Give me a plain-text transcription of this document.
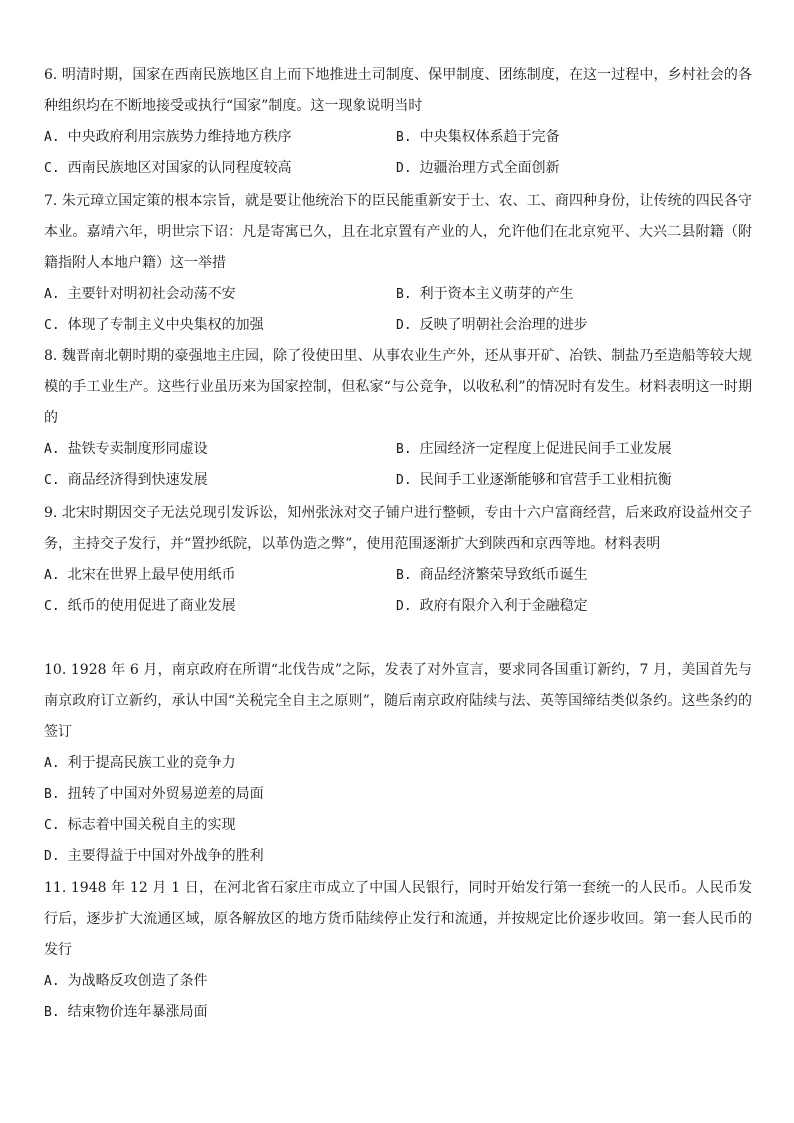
6. 明清时期，国家在西南民族地区自上而下地推进土司制度、保甲制度、团练制度，在这一过程中，乡村社会的各种组织均在不断地接受或执行“国家”制度。这一现象说明当时

A. 中央政府利用宗族势力维持地方秩序	B. 中央集权体系趋于完备
C. 西南民族地区对国家的认同程度较高	D. 边疆治理方式全面创新

7. 朱元璋立国定策的根本宗旨，就是要让他统治下的臣民能重新安于士、农、工、商四种身份，让传统的四民各守本业。嘉靖六年，明世宗下诏：凡是寄寓已久，且在北京置有产业的人，允许他们在北京宛平、大兴二县附籍（附籍指附人本地户籍）这一举措

A. 主要针对明初社会动荡不安	B. 利于资本主义萌芽的产生
C. 体现了专制主义中央集权的加强	D. 反映了明朝社会治理的进步

8. 魏晋南北朝时期的豪强地主庄园，除了役使田里、从事农业生产外，还从事开矿、冶铁、制盐乃至造船等较大规模的手工业生产。这些行业虽历来为国家控制，但私家“与公竞争，以收私利”的情况时有发生。材料表明这一时期的

A. 盐铁专卖制度形同虚设	B. 庄园经济一定程度上促进民间手工业发展
C. 商品经济得到快速发展	D. 民间手工业逐渐能够和官营手工业相抗衡

9. 北宋时期因交子无法兑现引发诉讼，知州张泳对交子铺户进行整顿，专由十六户富商经营，后来政府设益州交子务，主持交子发行，并“置抄纸院，以革伪造之弊”，使用范围逐渐扩大到陕西和京西等地。材料表明

A. 北宋在世界上最早使用纸币	B. 商品经济繁荣导致纸币诞生
C. 纸币的使用促进了商业发展	D. 政府有限介入利于金融稳定

10. 1928 年 6 月，南京政府在所谓“北伐告成”之际，发表了对外宣言，要求同各国重订新约，7 月，美国首先与南京政府订立新约，承认中国“关税完全自主之原则”，随后南京政府陆续与法、英等国缔结类似条约。这些条约的签订

A. 利于提高民族工业的竞争力
B. 扭转了中国对外贸易逆差的局面
C. 标志着中国关税自主的实现
D. 主要得益于中国对外战争的胜利

11. 1948 年 12 月 1 日，在河北省石家庄市成立了中国人民银行，同时开始发行第一套统一的人民币。人民币发行后，逐步扩大流通区域，原各解放区的地方货币陆续停止发行和流通，并按规定比价逐步收回。第一套人民币的发行

A. 为战略反攻创造了条件
B. 结束物价连年暴涨局面
